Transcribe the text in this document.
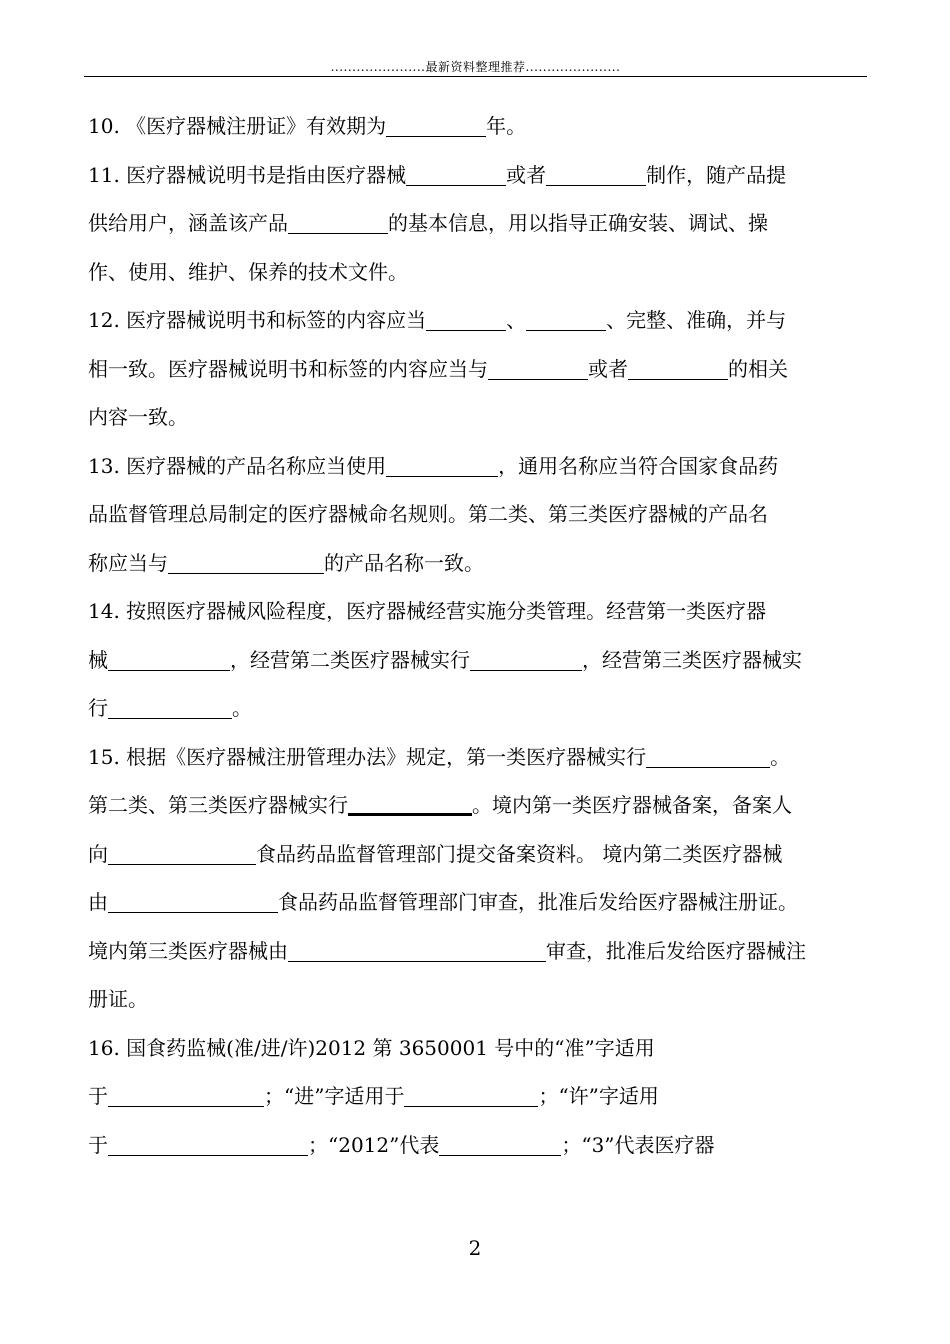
......................最新资料整理推荐......................
10. 《医疗器械注册证》有效期为	年。
11. 医疗器械说明书是指由医疗器械	或者	制作，随产品提
供给用户，涵盖该产品	的基本信息，用以指导正确安装、调试、操
作、使用、维护、保养的技术文件。
12. 医疗器械说明书和标签的内容应当	、	、完整、准确，并与
相一致。医疗器械说明书和标签的内容应当与	或者	的相关
内容一致。
13. 医疗器械的产品名称应当使用	，通用名称应当符合国家食品药
品监督管理总局制定的医疗器械命名规则。第二类、第三类医疗器械的产品名
称应当与	的产品名称一致。
14. 按照医疗器械风险程度，医疗器械经营实施分类管理。经营第一类医疗器
械	，经营第二类医疗器械实行	，经营第三类医疗器械实
行	。
15. 根据《医疗器械注册管理办法》规定，第一类医疗器械实行	。
第二类、第三类医疗器械实行	。境内第一类医疗器械备案，备案人
向	食品药品监督管理部门提交备案资料。 境内第二类医疗器械
由	食品药品监督管理部门审查，批准后发给医疗器械注册证。
境内第三类医疗器械由	审查，批准后发给医疗器械注
册证。
16. 国食药监械(准/进/许)2012 第 3650001 号中的“准”字适用
于	；“进”字适用于	；“许”字适用
于	；“2012”代表	；“3”代表医疗器
2
